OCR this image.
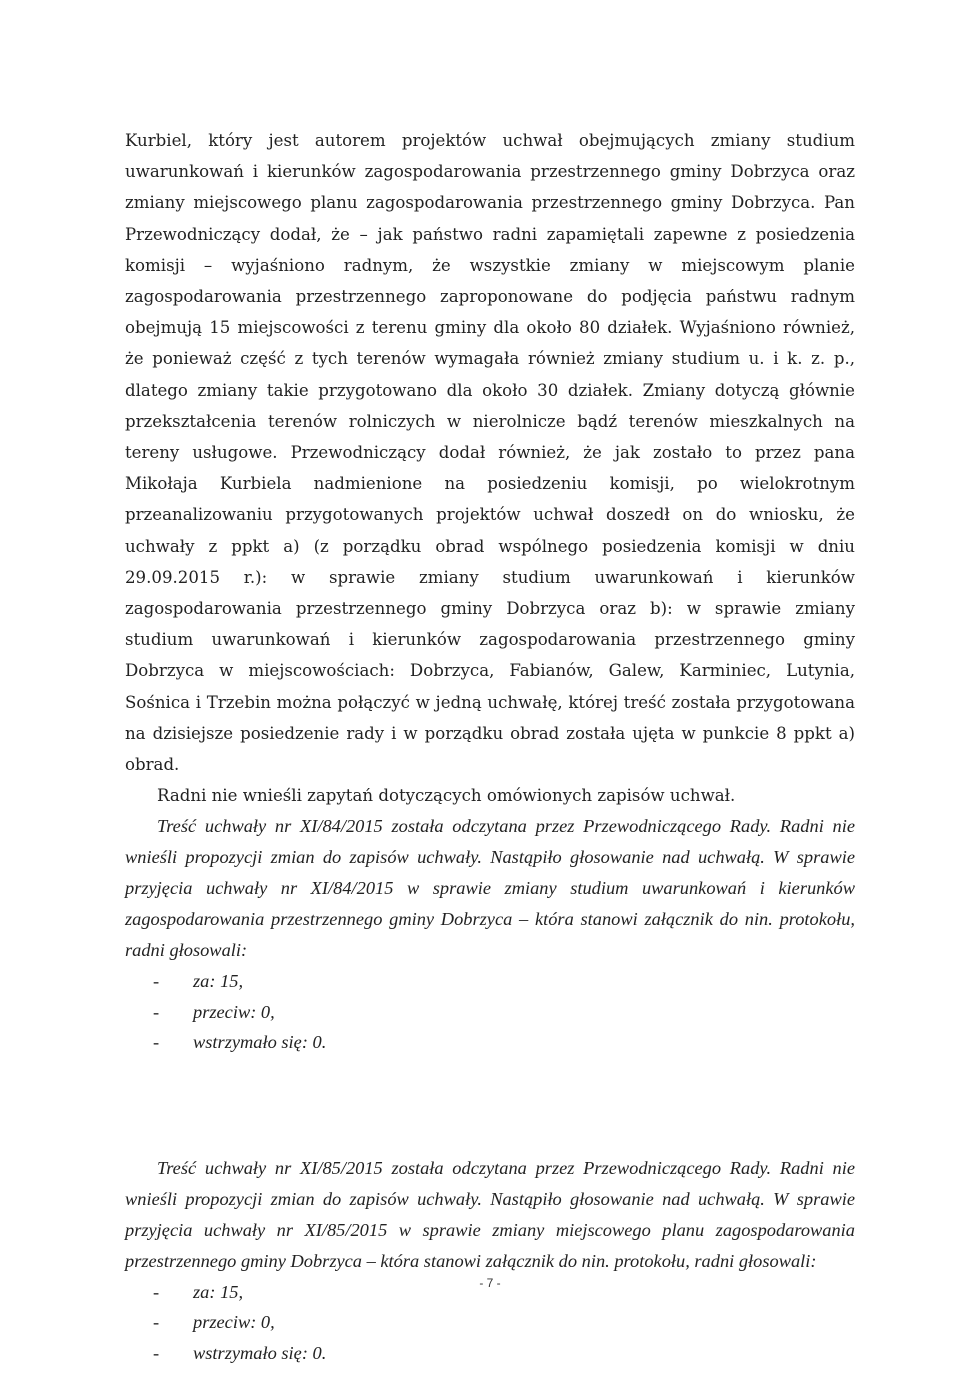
Kurbiel, który jest autorem projektów uchwał obejmujących zmiany studium uwarunkowań i kierunków zagospodarowania przestrzennego gminy Dobrzyca oraz zmiany miejscowego planu zagospodarowania przestrzennego gminy Dobrzyca. Pan Przewodniczący dodał, że – jak państwo radni zapamiętali zapewne z posiedzenia komisji – wyjaśniono radnym, że wszystkie zmiany w miejscowym planie zagospodarowania przestrzennego zaproponowane do podjęcia państwu radnym obejmują 15 miejscowości z terenu gminy dla około 80 działek. Wyjaśniono również, że ponieważ część z tych terenów wymagała również zmiany studium u. i k. z. p., dlatego zmiany takie przygotowano dla około 30 działek. Zmiany dotyczą głównie przekształcenia terenów rolniczych w nierolnicze bądź terenów mieszkalnych na tereny usługowe. Przewodniczący dodał również, że jak zostało to przez pana Mikołaja Kurbiela nadmienione na posiedzeniu komisji, po wielokrotnym przeanalizowaniu przygotowanych projektów uchwał doszedł on do wniosku, że uchwały z ppkt a) (z porządku obrad wspólnego posiedzenia komisji w dniu 29.09.2015 r.): w sprawie zmiany studium uwarunkowań i kierunków zagospodarowania przestrzennego gminy Dobrzyca oraz b): w sprawie zmiany studium uwarunkowań i kierunków zagospodarowania przestrzennego gminy Dobrzyca w miejscowościach: Dobrzyca, Fabianów, Galew, Karminiec, Lutynia, Sośnica i Trzebin można połączyć w jedną uchwałę, której treść została przygotowana na dzisiejsze posiedzenie rady i w porządku obrad została ujęta w punkcie 8 ppkt a) obrad.

Radni nie wnieśli zapytań dotyczących omówionych zapisów uchwał.

Treść uchwały nr XI/84/2015 została odczytana przez Przewodniczącego Rady. Radni nie wnieśli propozycji zmian do zapisów uchwały. Nastąpiło głosowanie nad uchwałą. W sprawie przyjęcia uchwały nr XI/84/2015 w sprawie zmiany studium uwarunkowań i kierunków zagospodarowania przestrzennego gminy Dobrzyca – która stanowi załącznik do nin. protokołu, radni głosowali:

-	za: 15,
-	przeciw: 0,
-	wstrzymało się: 0.

Treść uchwały nr XI/85/2015 została odczytana przez Przewodniczącego Rady. Radni nie wnieśli propozycji zmian do zapisów uchwały. Nastąpiło głosowanie nad uchwałą. W sprawie przyjęcia uchwały nr XI/85/2015 w sprawie zmiany miejscowego planu zagospodarowania przestrzennego gminy Dobrzyca – która stanowi załącznik do nin. protokołu, radni głosowali:

-	za: 15,
-	przeciw: 0,
-	wstrzymało się: 0.
- 7 -
